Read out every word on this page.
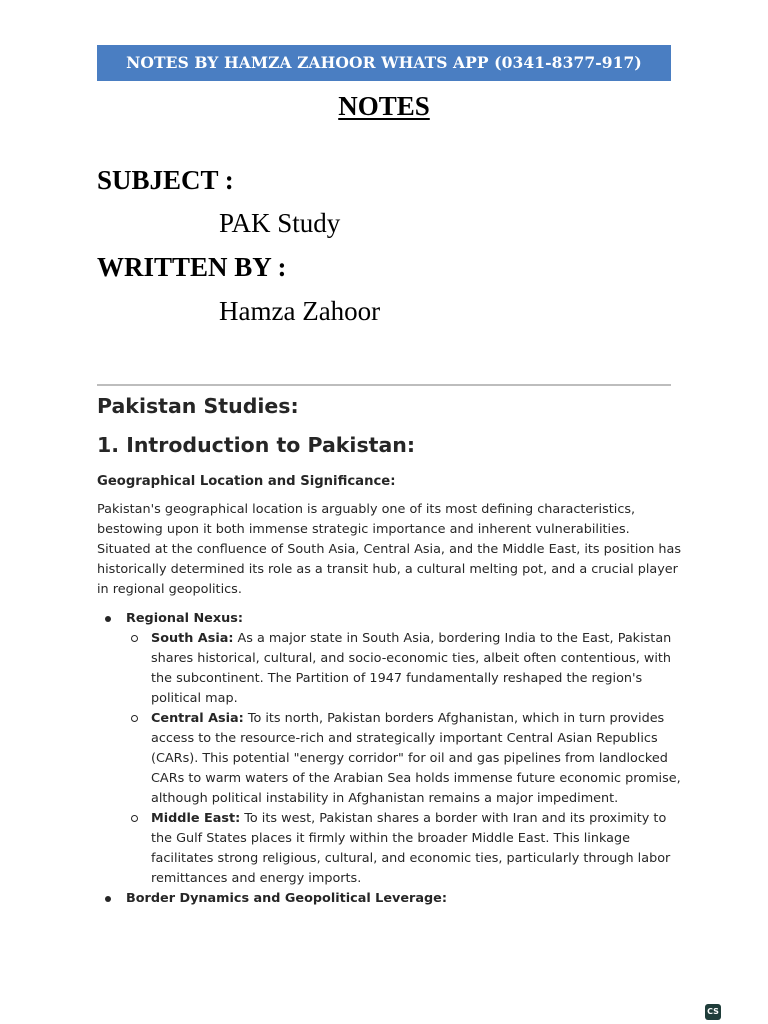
NOTES BY HAMZA ZAHOOR WHATS APP (0341-8377-917)
NOTES
SUBJECT :
PAK Study
WRITTEN BY :
Hamza Zahoor
Pakistan Studies:
1. Introduction to Pakistan:
Geographical Location and Significance:
Pakistan's geographical location is arguably one of its most defining characteristics, bestowing upon it both immense strategic importance and inherent vulnerabilities. Situated at the confluence of South Asia, Central Asia, and the Middle East, its position has historically determined its role as a transit hub, a cultural melting pot, and a crucial player in regional geopolitics.
Regional Nexus:
South Asia: As a major state in South Asia, bordering India to the East, Pakistan shares historical, cultural, and socio-economic ties, albeit often contentious, with the subcontinent. The Partition of 1947 fundamentally reshaped the region's political map.
Central Asia: To its north, Pakistan borders Afghanistan, which in turn provides access to the resource-rich and strategically important Central Asian Republics (CARs). This potential "energy corridor" for oil and gas pipelines from landlocked CARs to warm waters of the Arabian Sea holds immense future economic promise, although political instability in Afghanistan remains a major impediment.
Middle East: To its west, Pakistan shares a border with Iran and its proximity to the Gulf States places it firmly within the broader Middle East. This linkage facilitates strong religious, cultural, and economic ties, particularly through labor remittances and energy imports.
Border Dynamics and Geopolitical Leverage:
CS
